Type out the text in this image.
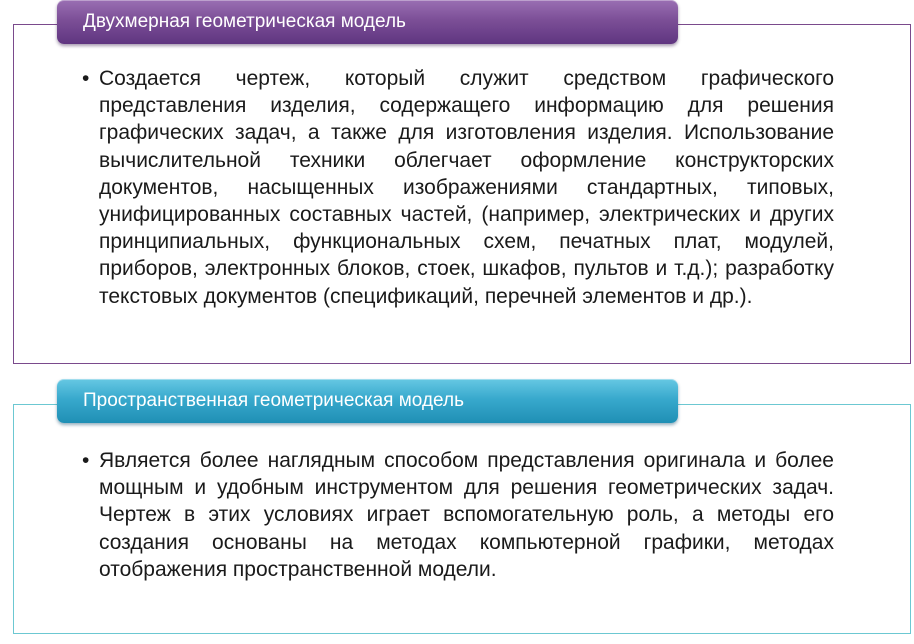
Двухмерная геометрическая модель
• Создается чертеж, который служит средством графического представления изделия, содержащего информацию для решения графических задач, а также для изготовления изделия. Использование вычислительной техники облегчает оформление конструкторских документов, насыщенных изображениями стандартных, типовых, унифицированных составных частей, (например, электрических и других принципиальных, функциональных схем, печатных плат, модулей, приборов, электронных блоков, стоек, шкафов, пультов и т.д.); разработку текстовых документов (спецификаций, перечней элементов и др.).
Пространственная геометрическая модель
• Является более наглядным способом представления оригинала и более мощным и удобным инструментом для решения геометрических задач. Чертеж в этих условиях играет вспомогательную роль, а методы его создания основаны на методах компьютерной графики, методах отображения пространственной модели.
